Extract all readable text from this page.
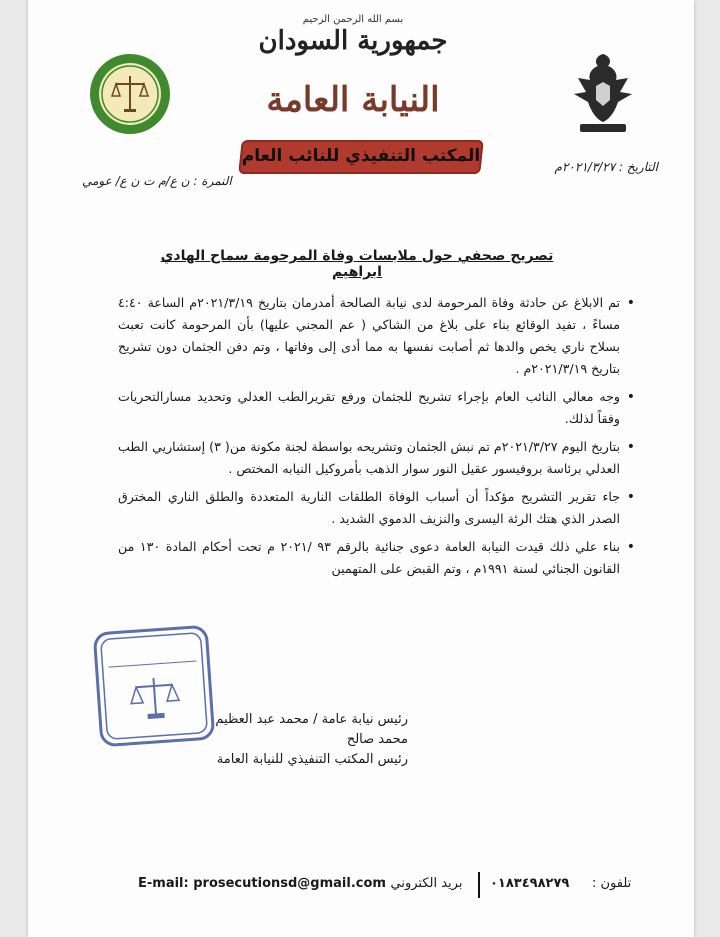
بسم الله الرحمن الرحيم
جمهورية السودان
النيابة العامة
المكتب التنفيذي للنائب العام
التاريخ : ٢٠٢١/٣/٢٧م
النمرة : ن ع/م ت ن ع/ عومي
تصريح صحفي حول ملابسات وفاة المرحومة سماح الهادي ابراهيم
• تم الابلاغ عن حادثة وفاة المرحومة لدى نيابة الصالحة أمدرمان بتاريخ ٢٠٢١/٣/١٩م الساعة ٤:٤٠ مساءً ، تفيد الوقائع بناء على بلاغ من الشاكي ( عم المجني عليها) بأن المرحومة كانت تعبث بسلاح ناري يخص والدها ثم أصابت نفسها به مما أدى إلى وفاتها ، وتم دفن الجثمان دون تشريح بتاريخ ٢٠٢١/٣/١٩م .
• وجه معالي النائب العام بإجراء تشريح للجثمان ورفع تقريرالطب العدلي وتحديد مسارالتحريات وفقاً لذلك.
• بتاريخ اليوم ٢٠٢١/٣/٢٧م تم نبش الجثمان وتشريحه بواسطة لجنة مكونة من( ٣) إستشاريي الطب العدلي برئاسة بروفيسور عقيل النور سوار الذهب بأمروكيل النيابه المختص .
• جاء تقرير التشريح مؤكداً أن أسباب الوفاة الطلقات النارية المتعددة والطلق الناري المخترق الصدر الذي هتك الرئة اليسرى والنزيف الدموي الشديد .
• بناء علي ذلك قيدت النيابة العامة دعوى جنائية بالرقم ٩٣ /٢٠٢١ م تحت أحكام المادة ١٣٠ من القانون الجنائي لسنة ١٩٩١م ، وتم القبض على المتهمين
رئيس نيابة عامة / محمد عبد العظيم محمد صالح
رئيس المكتب التنفيذي للنيابة العامة
E-mail: prosecutionsd@gmail.com
بريد الكتروني : ٠١٨٣٤٩٨٢٧٩ تلفون :
